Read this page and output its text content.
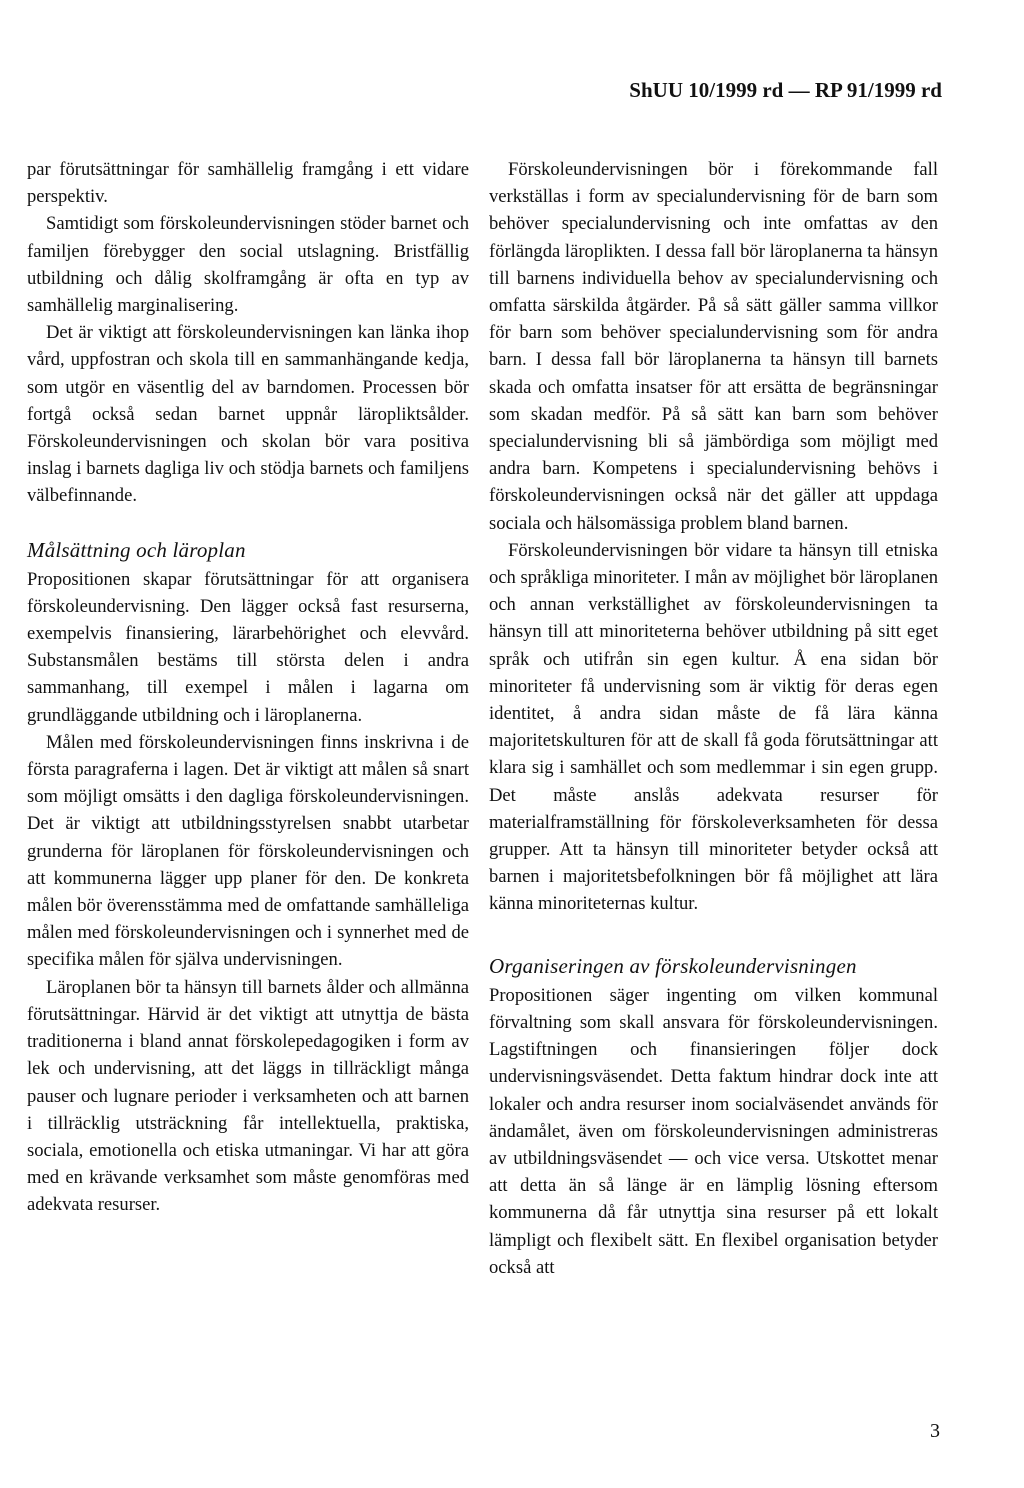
ShUU 10/1999 rd — RP 91/1999 rd

par förutsättningar för samhällelig framgång i ett vidare perspektiv.

Samtidigt som förskoleundervisningen stöder barnet och familjen förebygger den social utslagning. Bristfällig utbildning och dålig skolframgång är ofta en typ av samhällelig marginalisering.

Det är viktigt att förskoleundervisningen kan länka ihop vård, uppfostran och skola till en sammanhängande kedja, som utgör en väsentlig del av barndomen. Processen bör fortgå också sedan barnet uppnår läropliktsålder. Förskoleundervisningen och skolan bör vara positiva inslag i barnets dagliga liv och stödja barnets och familjens välbefinnande.

Målsättning och läroplan

Propositionen skapar förutsättningar för att organisera förskoleundervisning. Den lägger också fast resurserna, exempelvis finansiering, lärarbehörighet och elevvård. Substansmålen bestäms till största delen i andra sammanhang, till exempel i målen i lagarna om grundläggande utbildning och i läroplanerna.

Målen med förskoleundervisningen finns inskrivna i de första paragraferna i lagen. Det är viktigt att målen så snart som möjligt omsätts i den dagliga förskoleundervisningen. Det är viktigt att utbildningsstyrelsen snabbt utarbetar grunderna för läroplanen för förskoleundervisningen och att kommunerna lägger upp planer för den. De konkreta målen bör överensstämma med de omfattande samhälleliga målen med förskoleundervisningen och i synnerhet med de specifika målen för själva undervisningen.

Läroplanen bör ta hänsyn till barnets ålder och allmänna förutsättningar. Härvid är det viktigt att utnyttja de bästa traditionerna i bland annat förskolepedagogiken i form av lek och undervisning, att det läggs in tillräckligt många pauser och lugnare perioder i verksamheten och att barnen i tillräcklig utsträckning får intellektuella, praktiska, sociala, emotionella och etiska utmaningar. Vi har att göra med en krävande verksamhet som måste genomföras med adekvata resurser.

Förskoleundervisningen bör i förekommande fall verkställas i form av specialundervisning för de barn som behöver specialundervisning och inte omfattas av den förlängda läroplikten. I dessa fall bör läroplanerna ta hänsyn till barnens individuella behov av specialundervisning och omfatta särskilda åtgärder. På så sätt gäller samma villkor för barn som behöver specialundervisning som för andra barn. I dessa fall bör läroplanerna ta hänsyn till barnets skada och omfatta insatser för att ersätta de begränsningar som skadan medför. På så sätt kan barn som behöver specialundervisning bli så jämbördiga som möjligt med andra barn. Kompetens i specialundervisning behövs i förskoleundervisningen också när det gäller att uppdaga sociala och hälsomässiga problem bland barnen.

Förskoleundervisningen bör vidare ta hänsyn till etniska och språkliga minoriteter. I mån av möjlighet bör läroplanen och annan verkställighet av förskoleundervisningen ta hänsyn till att minoriteterna behöver utbildning på sitt eget språk och utifrån sin egen kultur. Å ena sidan bör minoriteter få undervisning som är viktig för deras egen identitet, å andra sidan måste de få lära känna majoritetskulturen för att de skall få goda förutsättningar att klara sig i samhället och som medlemmar i sin egen grupp. Det måste anslås adekvata resurser för materialframställning för förskoleverksamheten för dessa grupper. Att ta hänsyn till minoriteter betyder också att barnen i majoritetsbefolkningen bör få möjlighet att lära känna minoriteternas kultur.

Organiseringen av förskoleundervisningen

Propositionen säger ingenting om vilken kommunal förvaltning som skall ansvara för förskoleundervisningen. Lagstiftningen och finansieringen följer dock undervisningsväsendet. Detta faktum hindrar dock inte att lokaler och andra resurser inom socialväsendet används för ändamålet, även om förskoleundervisningen administreras av utbildningsväsendet — och vice versa. Utskottet menar att detta än så länge är en lämplig lösning eftersom kommunerna då får utnyttja sina resurser på ett lokalt lämpligt och flexibelt sätt. En flexibel organisation betyder också att

3
